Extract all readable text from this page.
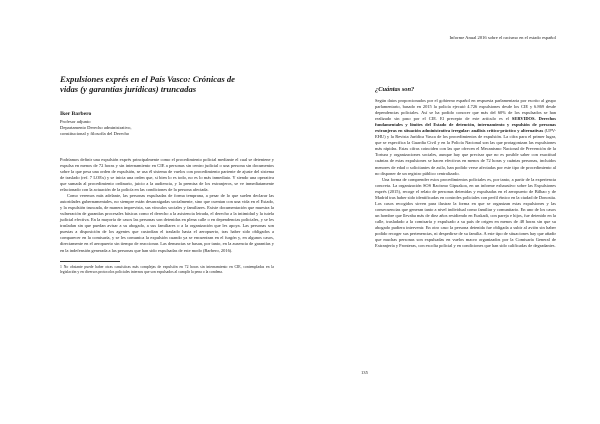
Expulsiones exprés en el País Vasco: Crónicas de vidas (y garantías jurídicas) truncadas

Iker Barbero

Profesor adjunto

Departamento Derecho administrativo,

constitucional y filosofía del Derecho

Podríamos definir una expulsión exprés principalmente como el procedimiento policial mediante el cual se deteniene y expulsa en menos de 72 horas y sin internamiento en CIE a personas sin centro judicial o una persona sin documentos sobre la que pesa una orden de expulsión, se usa él sistema de vuelos con procedimiento pariente de ajuste del sistema de traslado (ref. 7 LOEx) y se inicia una orden que, si bien lo es todo, no es lo más inmediato. Y siendo una operativa que sumada al procedimiento ordinario, juicio a la audiencia, y la premisa de los extranjeros, se ve inmediatamente relacionado con la actuación de la policía en las condiciones de la persona afectada.

Como veremos más adelante, las personas expulsadas de forma temprana, a pesar de lo que suelen declarar las autoridades gubernamentales, no siempre están desarraigadas socialmente, sino que cuentan con una vida en el Estado, y la expulsión truncada, de manera imprevista, sus vínculos sociales y familiares. Existe documentación que muestra la vulneración de garantías procesales básicas como el derecho a la asistencia letrada, el derecho a la intimidad y la tutela judicial efectiva. En la mayoría de casos las personas son detenidas en plena calle o en dependencias policiales, y se les trasladan sin que puedan avisar a su abogado, a sus familiares o a la organización que les apoya. Las personas son puestas a disposición de los agentes que custodian el traslado hasta el aeropuerto, tras haber sido obligados a comparecer en la comisaría, y se les comunica la expulsión cuando ya se encuentran en el furgón y, en algunos casos, directamente en el aeropuerto sin tiempo de reaccionar. Las denuncias se basan, por tanto, en la ausencia de garantías y en la indefensión generada a las personas que han sido expulsadas de este modo (Barbero, 2016).

1 No obstante puede haber otras casuísticas más complejas de expulsión en 72 horas sin internamiento en CIE, contempladas en la legislación y en diversos protocolos policiales internos que son expulsados al cumplir la pena o la condena.

Informe Anual 2016 sobre el racismo en el estado español
¿Cuántas son?

Según datos proporcionados por el gobierno español en respuesta parlamentaria por escrito al grupo parlamentario, basado en 2015 la policía ejecutó 4.726 expulsiones desde los CIE y 6.869 desde dependencias policiales. Así se ha podido conocer que más del 60% de los expulsados se han realizado sin paso por el CIE. El precepto de este artículo es el SERVIDOS. Derechos fundamentales y límites del Estado de detención, internamiento y expulsión de personas extranjeras en situación administrativa irregular: análisis crítico-práctico y alternativas (UPV-EHU) y la Revista Jurídica Vasca de los procedimientos de expulsión. La cifra para el primer lugar, que se especifica la Guardia Civil y en la Policía Nacional son las que protagonizan las expulsiones más rápidas. Estas cifras coinciden con las que ofrecen el Mecanismo Nacional de Prevención de la Tortura y organizaciones sociales, aunque hay que precisar que no es posible saber con exactitud cuántas de estas expulsiones se hacen efectivas en menos de 72 horas y cuántas personas, incluidos menores de edad o solicitantes de asilo, han podido verse afectadas por este tipo de procedimiento al no disponer de un registro público centralizado.

Una forma de comprender estos procedimientos policiales es, por tanto, a partir de la experiencia concreta. La organización SOS Racismo Gipuzkoa, en un informe exhaustivo sobre las Expulsiones exprés (2015), recoge el relato de personas detenidas y expulsadas en el aeropuerto de Bilbao y de Madrid tras haber sido identificadas en controles policiales con perfil étnico en la ciudad de Donostia. Los casos recogidos sirven para ilustrar la forma en que se organizan estas expulsiones y las consecuencias que generan tanto a nivel individual como familiar y comunitario. En uno de los casos un hombre que llevaba más de diez años residiendo en Euskadi, con pareja e hijos, fue detenido en la calle, trasladado a la comisaría y expulsado a su país de origen en menos de 48 horas sin que su abogado pudiera intervenir. En otro caso la persona detenida fue obligada a subir al avión sin haber podido recoger sus pertenencias, ni despedirse de su familia. A este tipo de situaciones hay que añadir que muchas personas son expulsadas en vuelos macro organizados por la Comisaría General de Extranjería y Fronteras, con escolta policial y en condiciones que han sido calificadas de degradantes.

135
